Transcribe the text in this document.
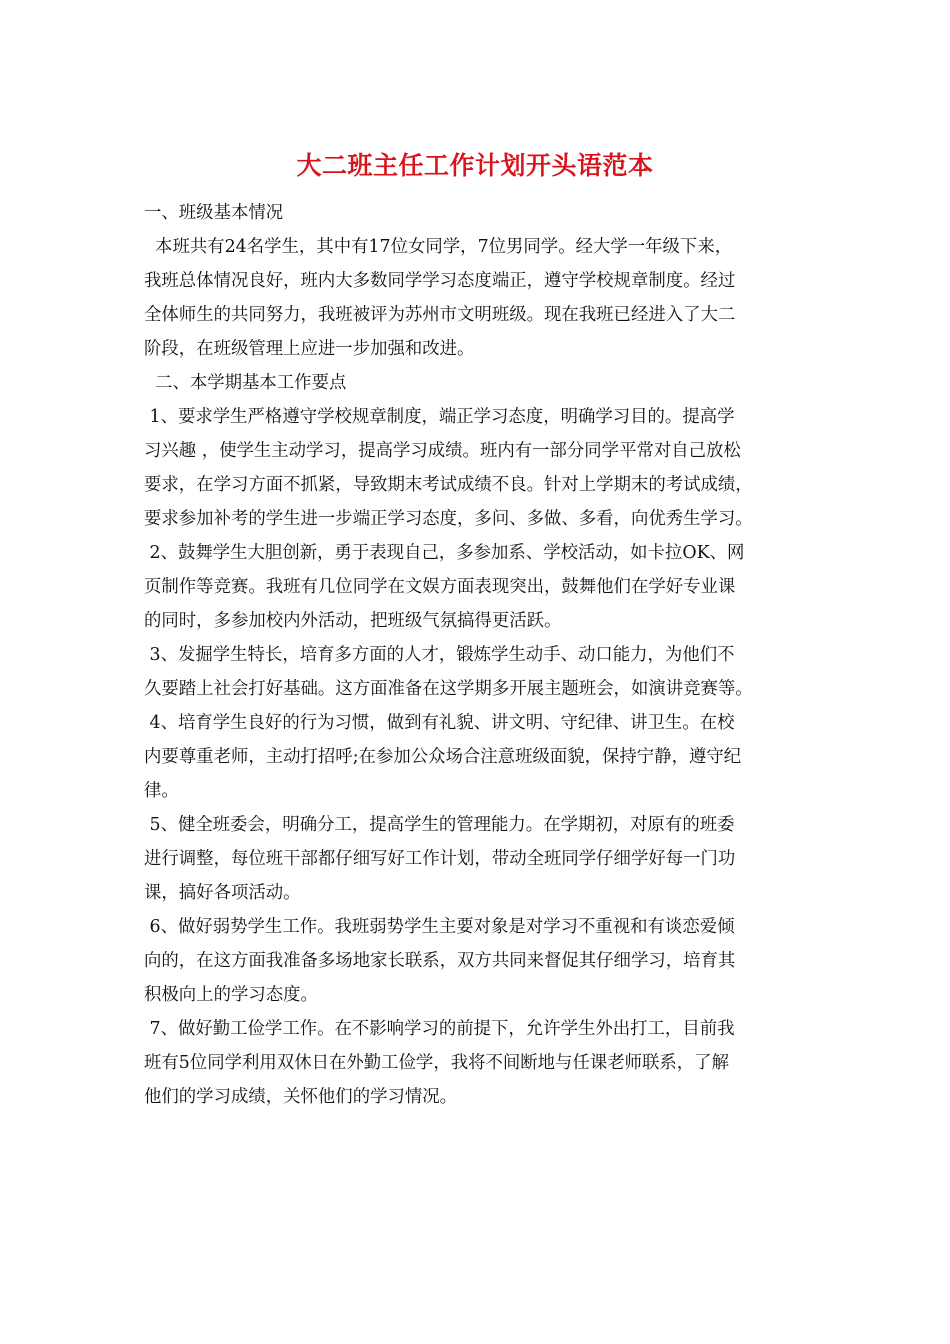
大二班主任工作计划开头语范本
一、班级基本情况
本班共有24名学生，其中有17位女同学，7位男同学。经大学一年级下来，
我班总体情况良好，班内大多数同学学习态度端正，遵守学校规章制度。经过
全体师生的共同努力，我班被评为苏州市文明班级。现在我班已经进入了大二
阶段，在班级管理上应进一步加强和改进。
二、本学期基本工作要点
1、要求学生严格遵守学校规章制度，端正学习态度，明确学习目的。提高学
习兴趣 ，使学生主动学习，提高学习成绩。班内有一部分同学平常对自己放松
要求，在学习方面不抓紧，导致期末考试成绩不良。针对上学期末的考试成绩，
要求参加补考的学生进一步端正学习态度，多问、多做、多看，向优秀生学习。
2、鼓舞学生大胆创新，勇于表现自己，多参加系、学校活动，如卡拉OK、网
页制作等竞赛。我班有几位同学在文娱方面表现突出，鼓舞他们在学好专业课
的同时，多参加校内外活动，把班级气氛搞得更活跃。
3、发掘学生特长，培育多方面的人才，锻炼学生动手、动口能力，为他们不
久要踏上社会打好基础。这方面准备在这学期多开展主题班会，如演讲竞赛等。
4、培育学生良好的行为习惯，做到有礼貌、讲文明、守纪律、讲卫生。在校
内要尊重老师，主动打招呼;在参加公众场合注意班级面貌，保持宁静，遵守纪
律。
5、健全班委会，明确分工，提高学生的管理能力。在学期初，对原有的班委
进行调整，每位班干部都仔细写好工作计划，带动全班同学仔细学好每一门功
课，搞好各项活动。
6、做好弱势学生工作。我班弱势学生主要对象是对学习不重视和有谈恋爱倾
向的，在这方面我准备多场地家长联系，双方共同来督促其仔细学习，培育其
积极向上的学习态度。
7、做好勤工俭学工作。在不影响学习的前提下，允许学生外出打工，目前我
班有5位同学利用双休日在外勤工俭学，我将不间断地与任课老师联系，了解
他们的学习成绩，关怀他们的学习情况。
